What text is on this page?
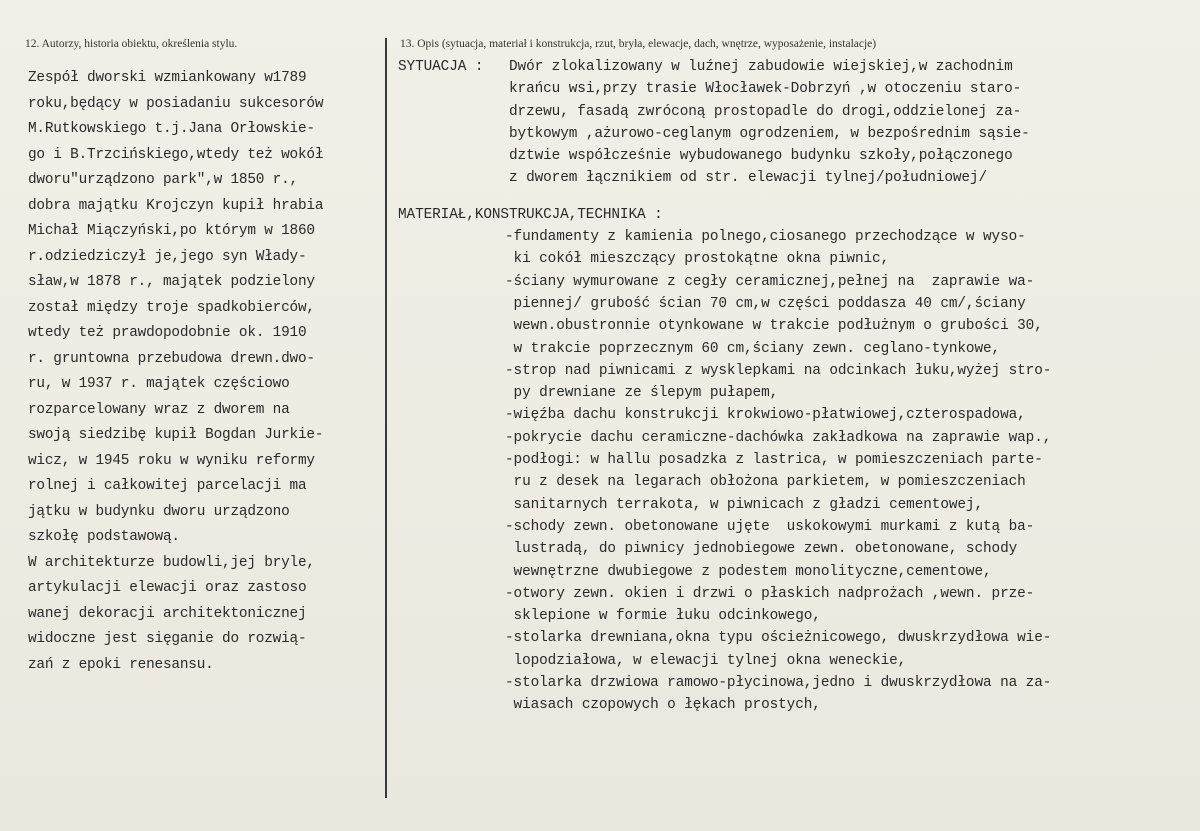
12. Autorzy, historia obiektu, określenia stylu.	13. Opis (sytuacja, materiał i konstrukcja, rzut, bryła, elewacje, dach, wnętrze, wyposażenie, instalacje)
Zespół dworski wzmiankowany w1789
roku,będący w posiadaniu sukcesorów
M.Rutkowskiego t.j.Jana Orłowskie-
go i B.Trzcińskiego,wtedy też wokół
dworu"urządzono park",w 1850 r.,
dobra majątku Krojczyn kupił hrabia
Michał Miączyński,po którym w 1860
r.odziedziczył je,jego syn Włady-
sław,w 1878 r., majątek podzielony
został między troje spadkobierców,
wtedy też prawdopodobnie ok. 1910
r. gruntowna przebudowa drewn.dwo-
ru, w 1937 r. majątek częściowo
rozparcelowany wraz z dworem na
swoją siedzibę kupił Bogdan Jurkie-
wicz, w 1945 roku w wyniku reformy
rolnej i całkowitej parcelacji ma
jątku w budynku dworu urządzono
szkołę podstawową.
W architekturze budowli,jej bryle,
artykulacji elewacji oraz zastoso
wanej dekoracji architektonicznej
widoczne jest sięganie do rozwią-
zań z epoki renesansu.

SYTUACJA :

Dwór zlokalizowany w luźnej zabudowie wiejskiej,w zachodnim

krańcu wsi,przy trasie Włocławek-Dobrzyń ,w otoczeniu staro-
drzewu, fasadą zwróconą prostopadle do drogi,oddzielonej za-
bytkowym ,ażurowo-ceglanym ogrodzeniem, w bezpośrednim sąsie-
dztwie współcześnie wybudowanego budynku szkoły,połączonego
z dworem łącznikiem od str. elewacji tylnej/południowej/
MATERIAŁ,KONSTRUKCJA,TECHNIKA :
-fundamenty z kamienia polnego,ciosanego przechodzące w wyso-
ki cokół mieszczący prostokątne okna piwnic,
-ściany wymurowane z cegły ceramicznej,pełnej na  zaprawie wa-
piennej/ grubość ścian 70 cm,w części poddasza 40 cm/,ściany
wewn.obustronnie otynkowane w trakcie podłużnym o grubości 30,
w trakcie poprzecznym 60 cm,ściany zewn. ceglano-tynkowe,
-strop nad piwnicami z wysklepkami na odcinkach łuku,wyżej stro-
py drewniane ze ślepym pułapem,
-więźba dachu konstrukcji krokwiowo-płatwiowej,czterospadowa,
-pokrycie dachu ceramiczne-dachówka zakładkowa na zaprawie wap.,
-podłogi: w hallu posadzka z lastrica, w pomieszczeniach parte-
ru z desek na legarach obłożona parkietem, w pomieszczeniach
sanitarnych terrakota, w piwnicach z gładzi cementowej,
-schody zewn. obetonowane ujęte  uskokowymi murkami z kutą ba-
lustradą, do piwnicy jednobiegowe zewn. obetonowane, schody
wewnętrzne dwubiegowe z podestem monolityczne,cementowe,
-otwory zewn. okien i drzwi o płaskich nadprożach ,wewn. prze-
sklepione w formie łuku odcinkowego,
-stolarka drewniana,okna typu ościeżnicowego, dwuskrzydłowa wie-
lopodziałowa, w elewacji tylnej okna weneckie,
-stolarka drzwiowa ramowo-płycinowa,jedno i dwuskrzydłowa na za-
wiasach czopowych o łękach prostych,
